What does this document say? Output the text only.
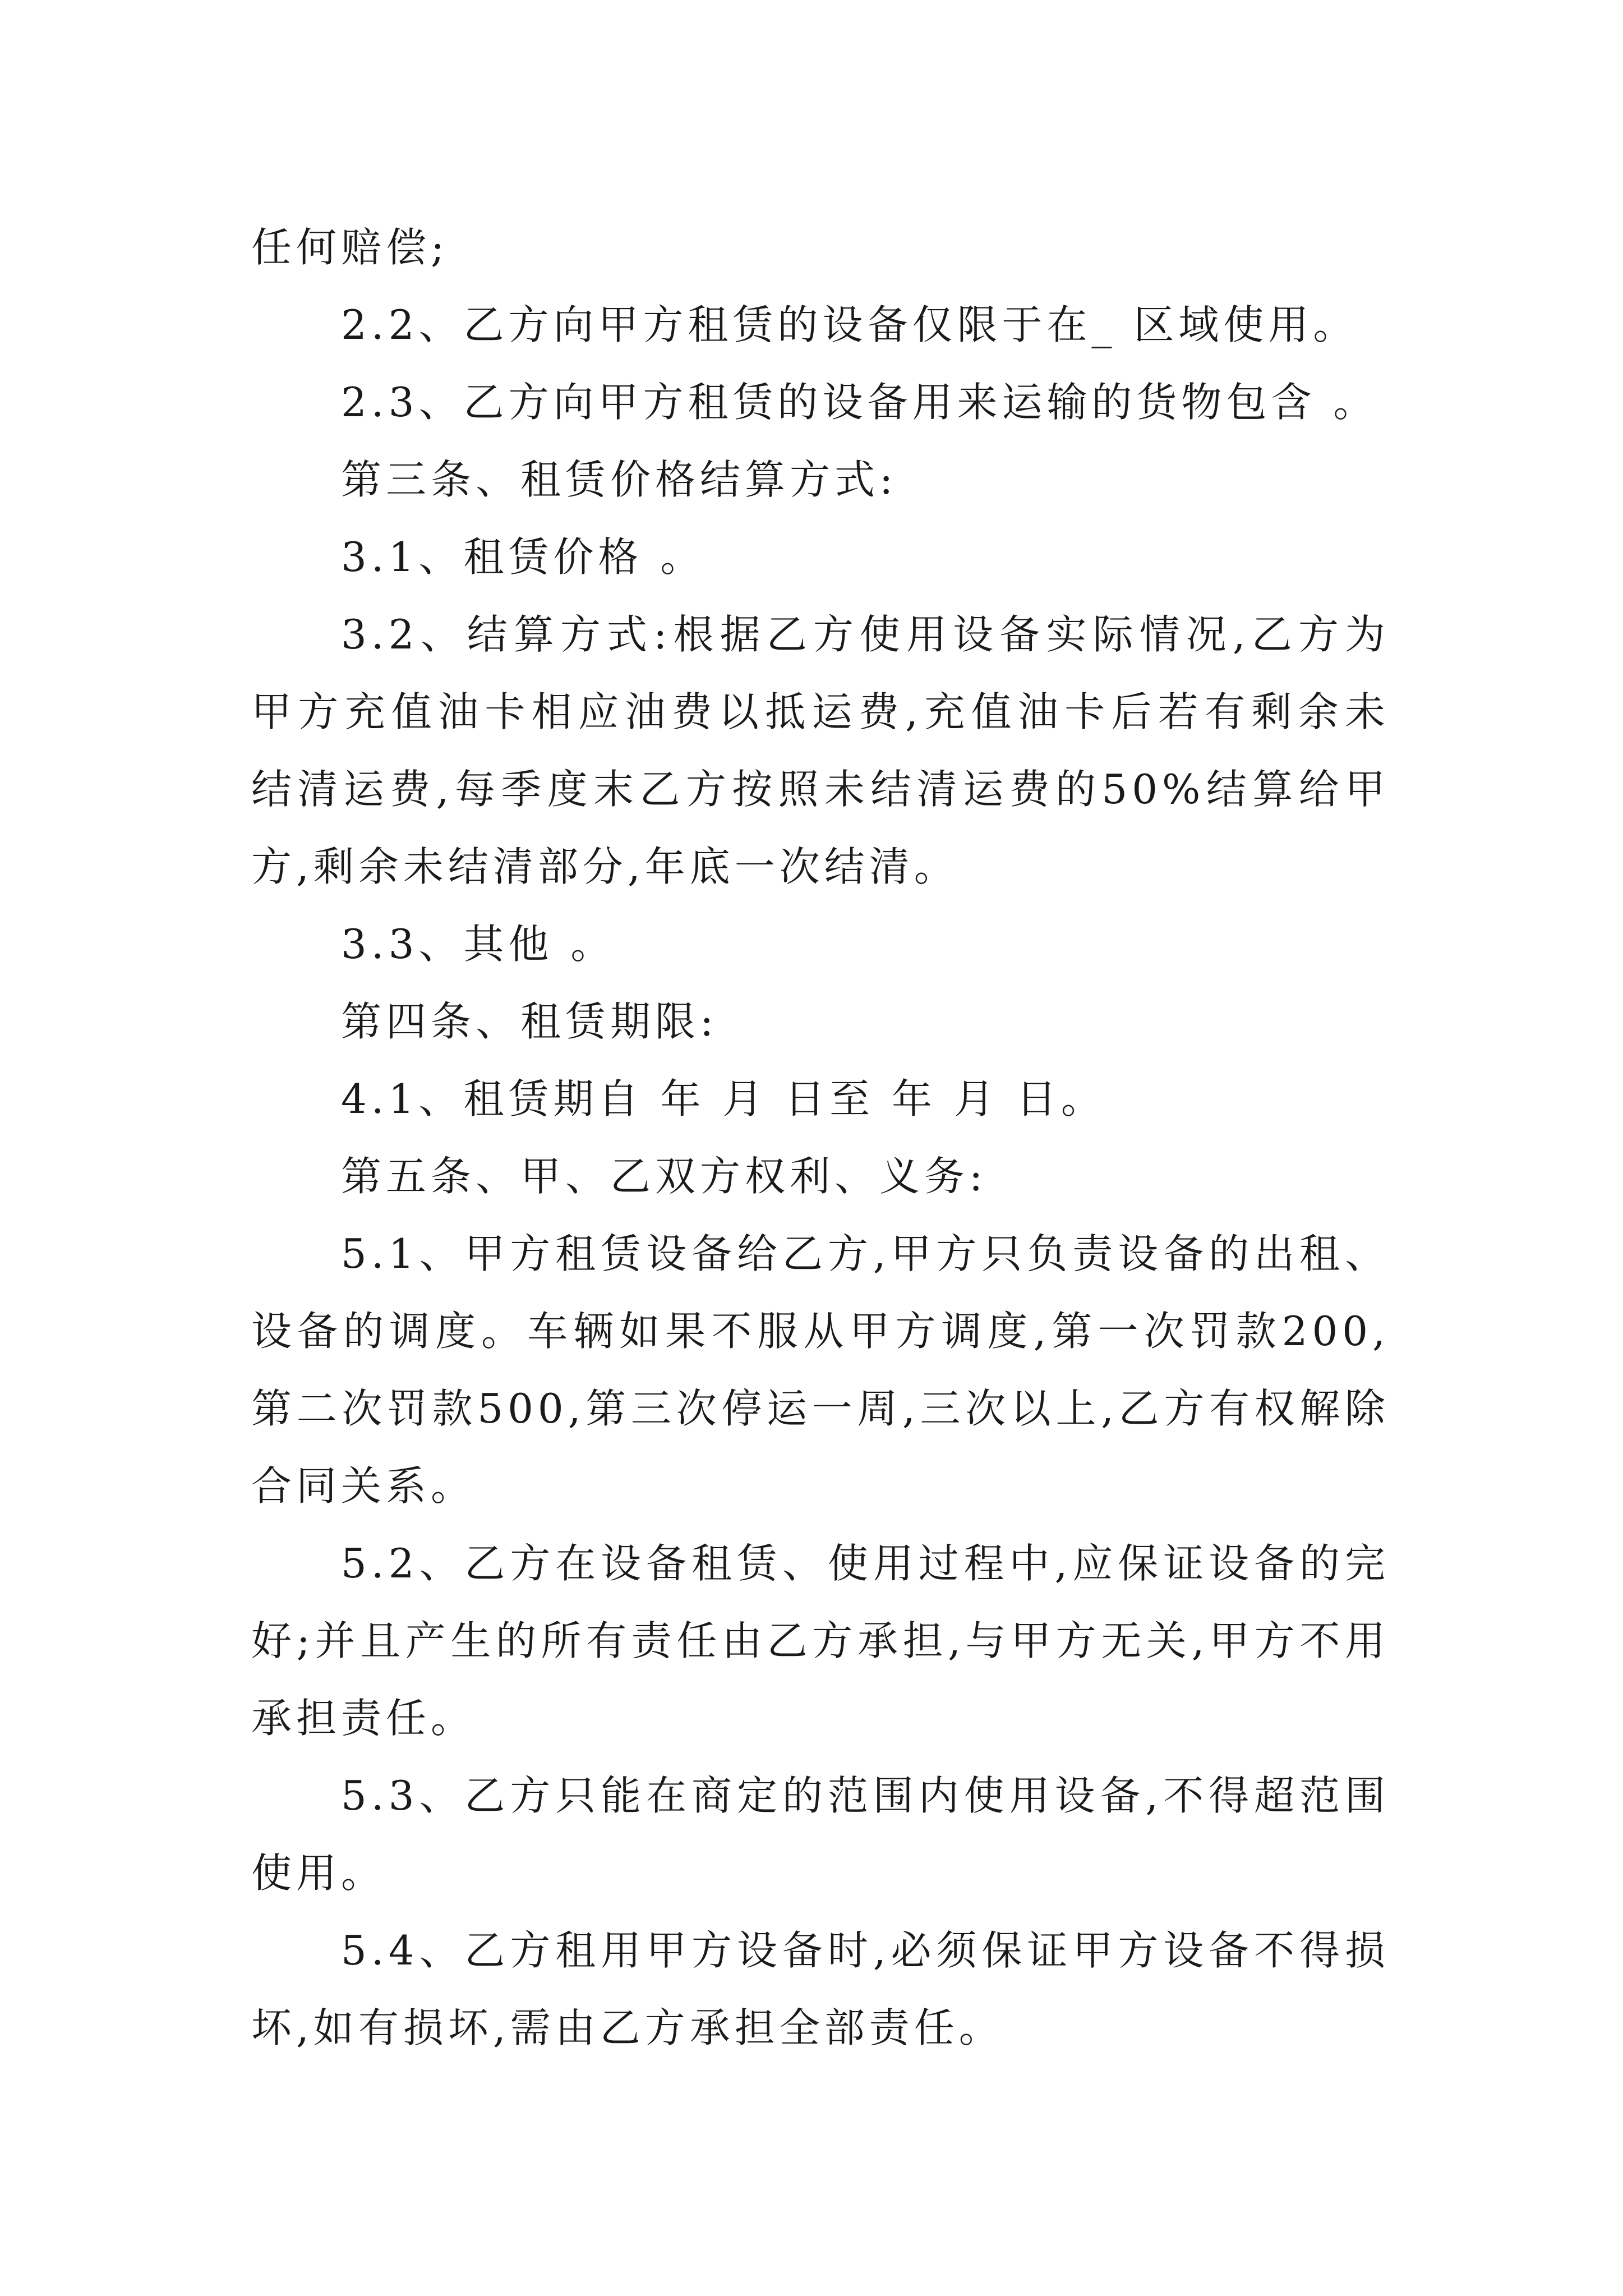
任何赔偿;

2.2、乙方向甲方租赁的设备仅限于在_ 区域使用。

2.3、乙方向甲方租赁的设备用来运输的货物包含 。

第三条、租赁价格结算方式:

3.1、租赁价格 。

3.2、结算方式:根据乙方使用设备实际情况,乙方为甲方充值油卡相应油费以抵运费,充值油卡后若有剩余未结清运费,每季度末乙方按照未结清运费的50%结算给甲方,剩余未结清部分,年底一次结清。

3.3、其他 。

第四条、租赁期限:

4.1、租赁期自 年 月 日至 年 月 日。

第五条、甲、乙双方权利、义务:

5.1、甲方租赁设备给乙方,甲方只负责设备的出租、设备的调度。车辆如果不服从甲方调度,第一次罚款200,第二次罚款500,第三次停运一周,三次以上,乙方有权解除合同关系。

5.2、乙方在设备租赁、使用过程中,应保证设备的完好;并且产生的所有责任由乙方承担,与甲方无关,甲方不用承担责任。

5.3、乙方只能在商定的范围内使用设备,不得超范围使用。

5.4、乙方租用甲方设备时,必须保证甲方设备不得损坏,如有损坏,需由乙方承担全部责任。
